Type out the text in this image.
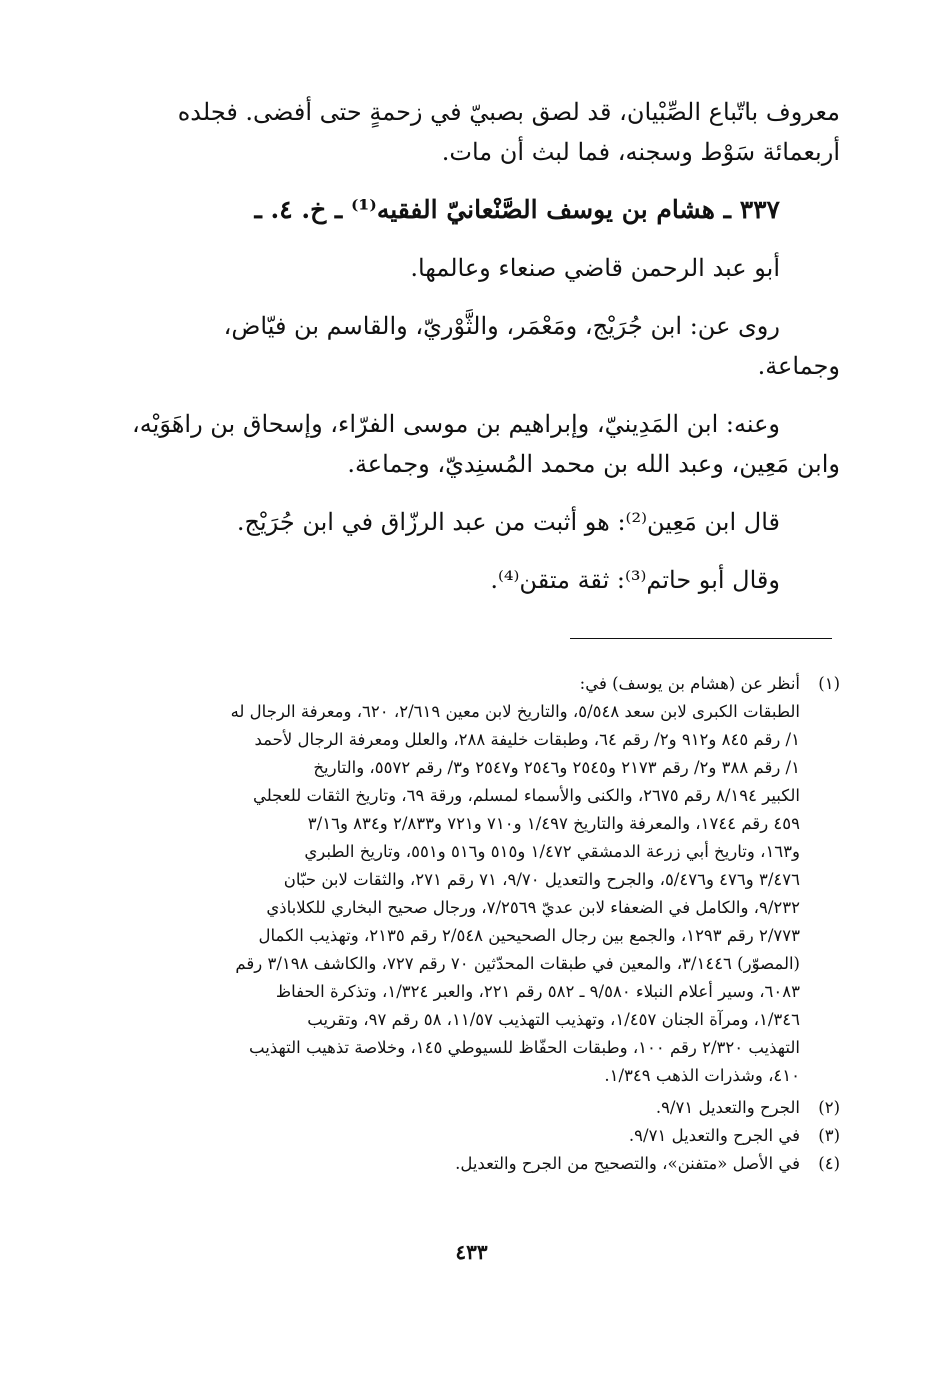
معروف باتّباع الصِّبْيان، قد لصق بصبيّ في زحمةٍ حتى أفضى. فجلده
أربعمائة سَوْط وسجنه، فما لبث أن مات.
٣٣٧ ـ هشام بن يوسف الصَّنْعانيّ الفقيه⁽¹⁾ ـ خ. ٤. ـ
أبو عبد الرحمن قاضي صنعاء وعالمها.
روى عن: ابن جُرَيْج، ومَعْمَر، والثَّوْريّ، والقاسم بن فيّاض،
وجماعة.
وعنه: ابن المَدِينيّ، وإبراهيم بن موسى الفرّاء، وإسحاق بن راهَوَيْه،
وابن مَعِين، وعبد الله بن محمد المُسنِديّ، وجماعة.
قال ابن مَعِين⁽²⁾: هو أثبت من عبد الرزّاق في ابن جُرَيْج.
وقال أبو حاتم⁽³⁾: ثقة متقن⁽⁴⁾.
(١)
أنظر عن (هشام بن يوسف) في:
الطبقات الكبرى لابن سعد ٥/٥٤٨، والتاريخ لابن معين ٢/٦١٩، ٦٢٠، ومعرفة الرجال له
١/ رقم ٨٤٥ و٩١٢ و٢/ رقم ٦٤، وطبقات خليفة ٢٨٨، والعلل ومعرفة الرجال لأحمد
١/ رقم ٣٨٨ و٢/ رقم ٢١٧٣ و٢٥٤٥ و٢٥٤٦ و٢٥٤٧ و٣/ رقم ٥٥٧٢، والتاريخ
الكبير ٨/١٩٤ رقم ٢٦٧٥، والكنى والأسماء لمسلم، ورقة ٦٩، وتاريخ الثقات للعجلي
٤٥٩ رقم ١٧٤٤، والمعرفة والتاريخ ١/٤٩٧ و٧١٠ و٧٢١ و٢/٨٣٣ و٨٣٤ و٣/١٦
و١٦٣، وتاريخ أبي زرعة الدمشقي ١/٤٧٢ و٥١٥ و٥١٦ و٥٥١، وتاريخ الطبري
٣/٤٧٦ و٤٧٦ و٥/٤٧٦، والجرح والتعديل ٩/٧٠، ٧١ رقم ٢٧١، والثقات لابن حبّان
٩/٢٣٢، والكامل في الضعفاء لابن عديّ ٧/٢٥٦٩، ورجال صحيح البخاري للكلاباذي
٢/٧٧٣ رقم ١٢٩٣، والجمع بين رجال الصحيحين ٢/٥٤٨ رقم ٢١٣٥، وتهذيب الكمال
(المصوّر) ٣/١٤٤٦، والمعين في طبقات المحدّثين ٧٠ رقم ٧٢٧، والكاشف ٣/١٩٨ رقم
٦٠٨٣، وسير أعلام النبلاء ٩/٥٨٠ ـ ٥٨٢ رقم ٢٢١، والعبر ١/٣٢٤، وتذكرة الحفاظ
١/٣٤٦، ومرآة الجنان ١/٤٥٧، وتهذيب التهذيب ١١/٥٧، ٥٨ رقم ٩٧، وتقريب
التهذيب ٢/٣٢٠ رقم ١٠٠، وطبقات الحفّاظ للسيوطي ١٤٥، وخلاصة تذهيب التهذيب
٤١٠، وشذرات الذهب ١/٣٤٩.
(٢)
الجرح والتعديل ٩/٧١.
(٣)
في الجرح والتعديل ٩/٧١.
(٤)
في الأصل «متفنن»، والتصحيح من الجرح والتعديل.
٤٣٣
